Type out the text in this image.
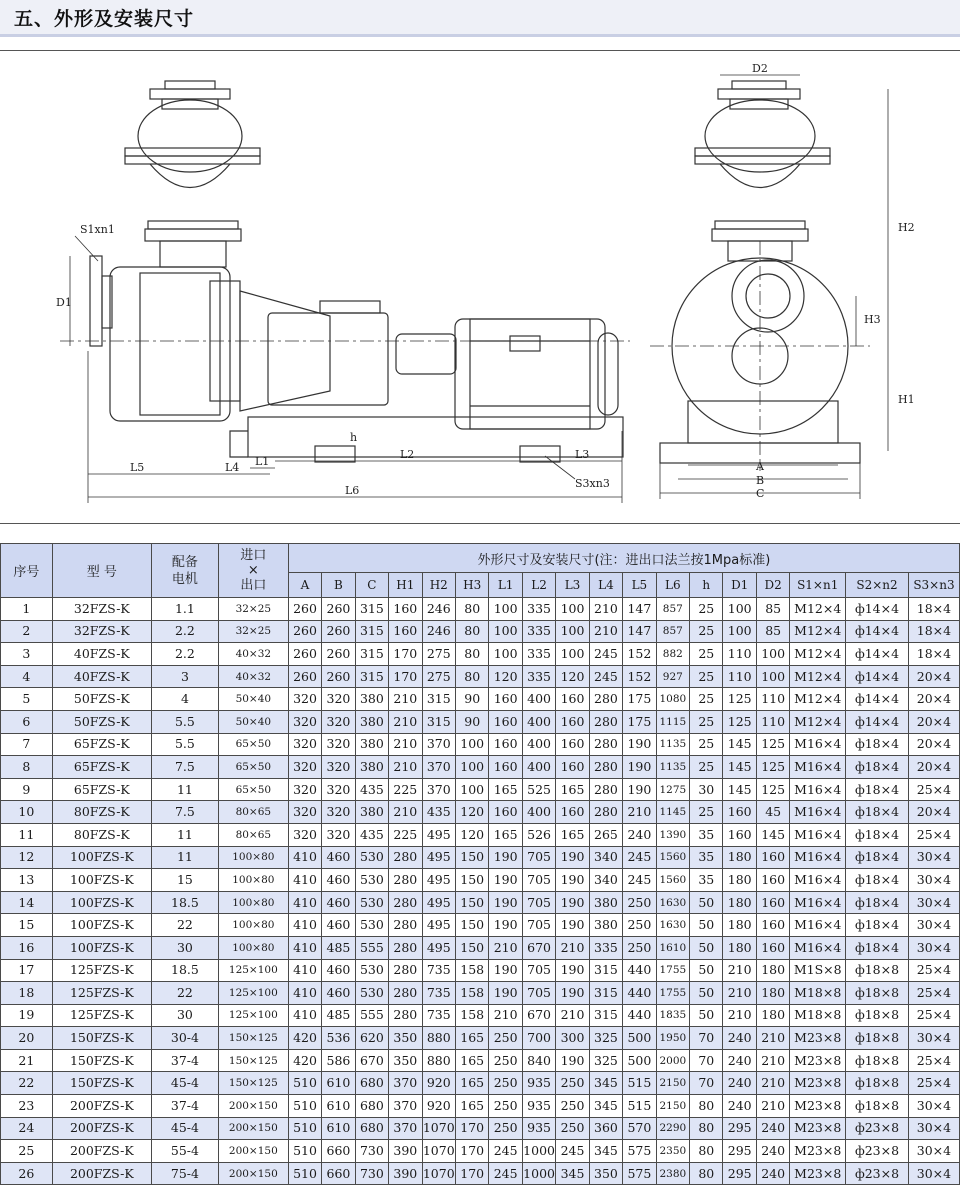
五、外形及安装尺寸
S1xn1
D1
L5	L4 L1
L2	L3
h
S3xn3
L6
D2
H2
H3
H1
A
B
C
序号	型 号	配备
电机	进口
×
出口	外形尺寸及安装尺寸(注：进出口法兰按1Mpa标准)																	
				A	B	C	H1	H2	H3	L1	L2	L3	L4	L5	L6	h	D1	D2	S1×n1	S2×n2	S3×n3
1	32FZS-K	1.1	32×25	260	260	315	160	246	80	100	335	100	210	147	857	25	100	85	M12×4	ф14×4	18×4
2	32FZS-K	2.2	32×25	260	260	315	160	246	80	100	335	100	210	147	857	25	100	85	M12×4	ф14×4	18×4
3	40FZS-K	2.2	40×32	260	260	315	170	275	80	100	335	100	245	152	882	25	110	100	M12×4	ф14×4	18×4
4	40FZS-K	3	40×32	260	260	315	170	275	80	120	335	120	245	152	927	25	110	100	M12×4	ф14×4	20×4
5	50FZS-K	4	50×40	320	320	380	210	315	90	160	400	160	280	175	1080	25	125	110	M12×4	ф14×4	20×4
6	50FZS-K	5.5	50×40	320	320	380	210	315	90	160	400	160	280	175	1115	25	125	110	M12×4	ф14×4	20×4
7	65FZS-K	5.5	65×50	320	320	380	210	370	100	160	400	160	280	190	1135	25	145	125	M16×4	ф18×4	20×4
8	65FZS-K	7.5	65×50	320	320	380	210	370	100	160	400	160	280	190	1135	25	145	125	M16×4	ф18×4	20×4
9	65FZS-K	11	65×50	320	320	435	225	370	100	165	525	165	280	190	1275	30	145	125	M16×4	ф18×4	25×4
10	80FZS-K	7.5	80×65	320	320	380	210	435	120	160	400	160	280	210	1145	25	160	45	M16×4	ф18×4	20×4
11	80FZS-K	11	80×65	320	320	435	225	495	120	165	526	165	265	240	1390	35	160	145	M16×4	ф18×4	25×4
12	100FZS-K	11	100×80	410	460	530	280	495	150	190	705	190	340	245	1560	35	180	160	M16×4	ф18×4	30×4
13	100FZS-K	15	100×80	410	460	530	280	495	150	190	705	190	340	245	1560	35	180	160	M16×4	ф18×4	30×4
14	100FZS-K	18.5	100×80	410	460	530	280	495	150	190	705	190	380	250	1630	50	180	160	M16×4	ф18×4	30×4
15	100FZS-K	22	100×80	410	460	530	280	495	150	190	705	190	380	250	1630	50	180	160	M16×4	ф18×4	30×4
16	100FZS-K	30	100×80	410	485	555	280	495	150	210	670	210	335	250	1610	50	180	160	M16×4	ф18×4	30×4
17	125FZS-K	18.5	125×100	410	460	530	280	735	158	190	705	190	315	440	1755	50	210	180	M1S×8	ф18×8	25×4
18	125FZS-K	22	125×100	410	460	530	280	735	158	190	705	190	315	440	1755	50	210	180	M18×8	ф18×8	25×4
19	125FZS-K	30	125×100	410	485	555	280	735	158	210	670	210	315	440	1835	50	210	180	M18×8	ф18×8	25×4
20	150FZS-K	30-4	150×125	420	536	620	350	880	165	250	700	300	325	500	1950	70	240	210	M23×8	ф18×8	30×4
21	150FZS-K	37-4	150×125	420	586	670	350	880	165	250	840	190	325	500	2000	70	240	210	M23×8	ф18×8	25×4
22	150FZS-K	45-4	150×125	510	610	680	370	920	165	250	935	250	345	515	2150	70	240	210	M23×8	ф18×8	25×4
23	200FZS-K	37-4	200×150	510	610	680	370	920	165	250	935	250	345	515	2150	80	240	210	M23×8	ф18×8	30×4
24	200FZS-K	45-4	200×150	510	610	680	370	1070	170	250	935	250	360	570	2290	80	295	240	M23×8	ф23×8	30×4
25	200FZS-K	55-4	200×150	510	660	730	390	1070	170	245	1000	245	345	575	2350	80	295	240	M23×8	ф23×8	30×4
26	200FZS-K	75-4	200×150	510	660	730	390	1070	170	245	1000	345	350	575	2380	80	295	240	M23×8	ф23×8	30×4
